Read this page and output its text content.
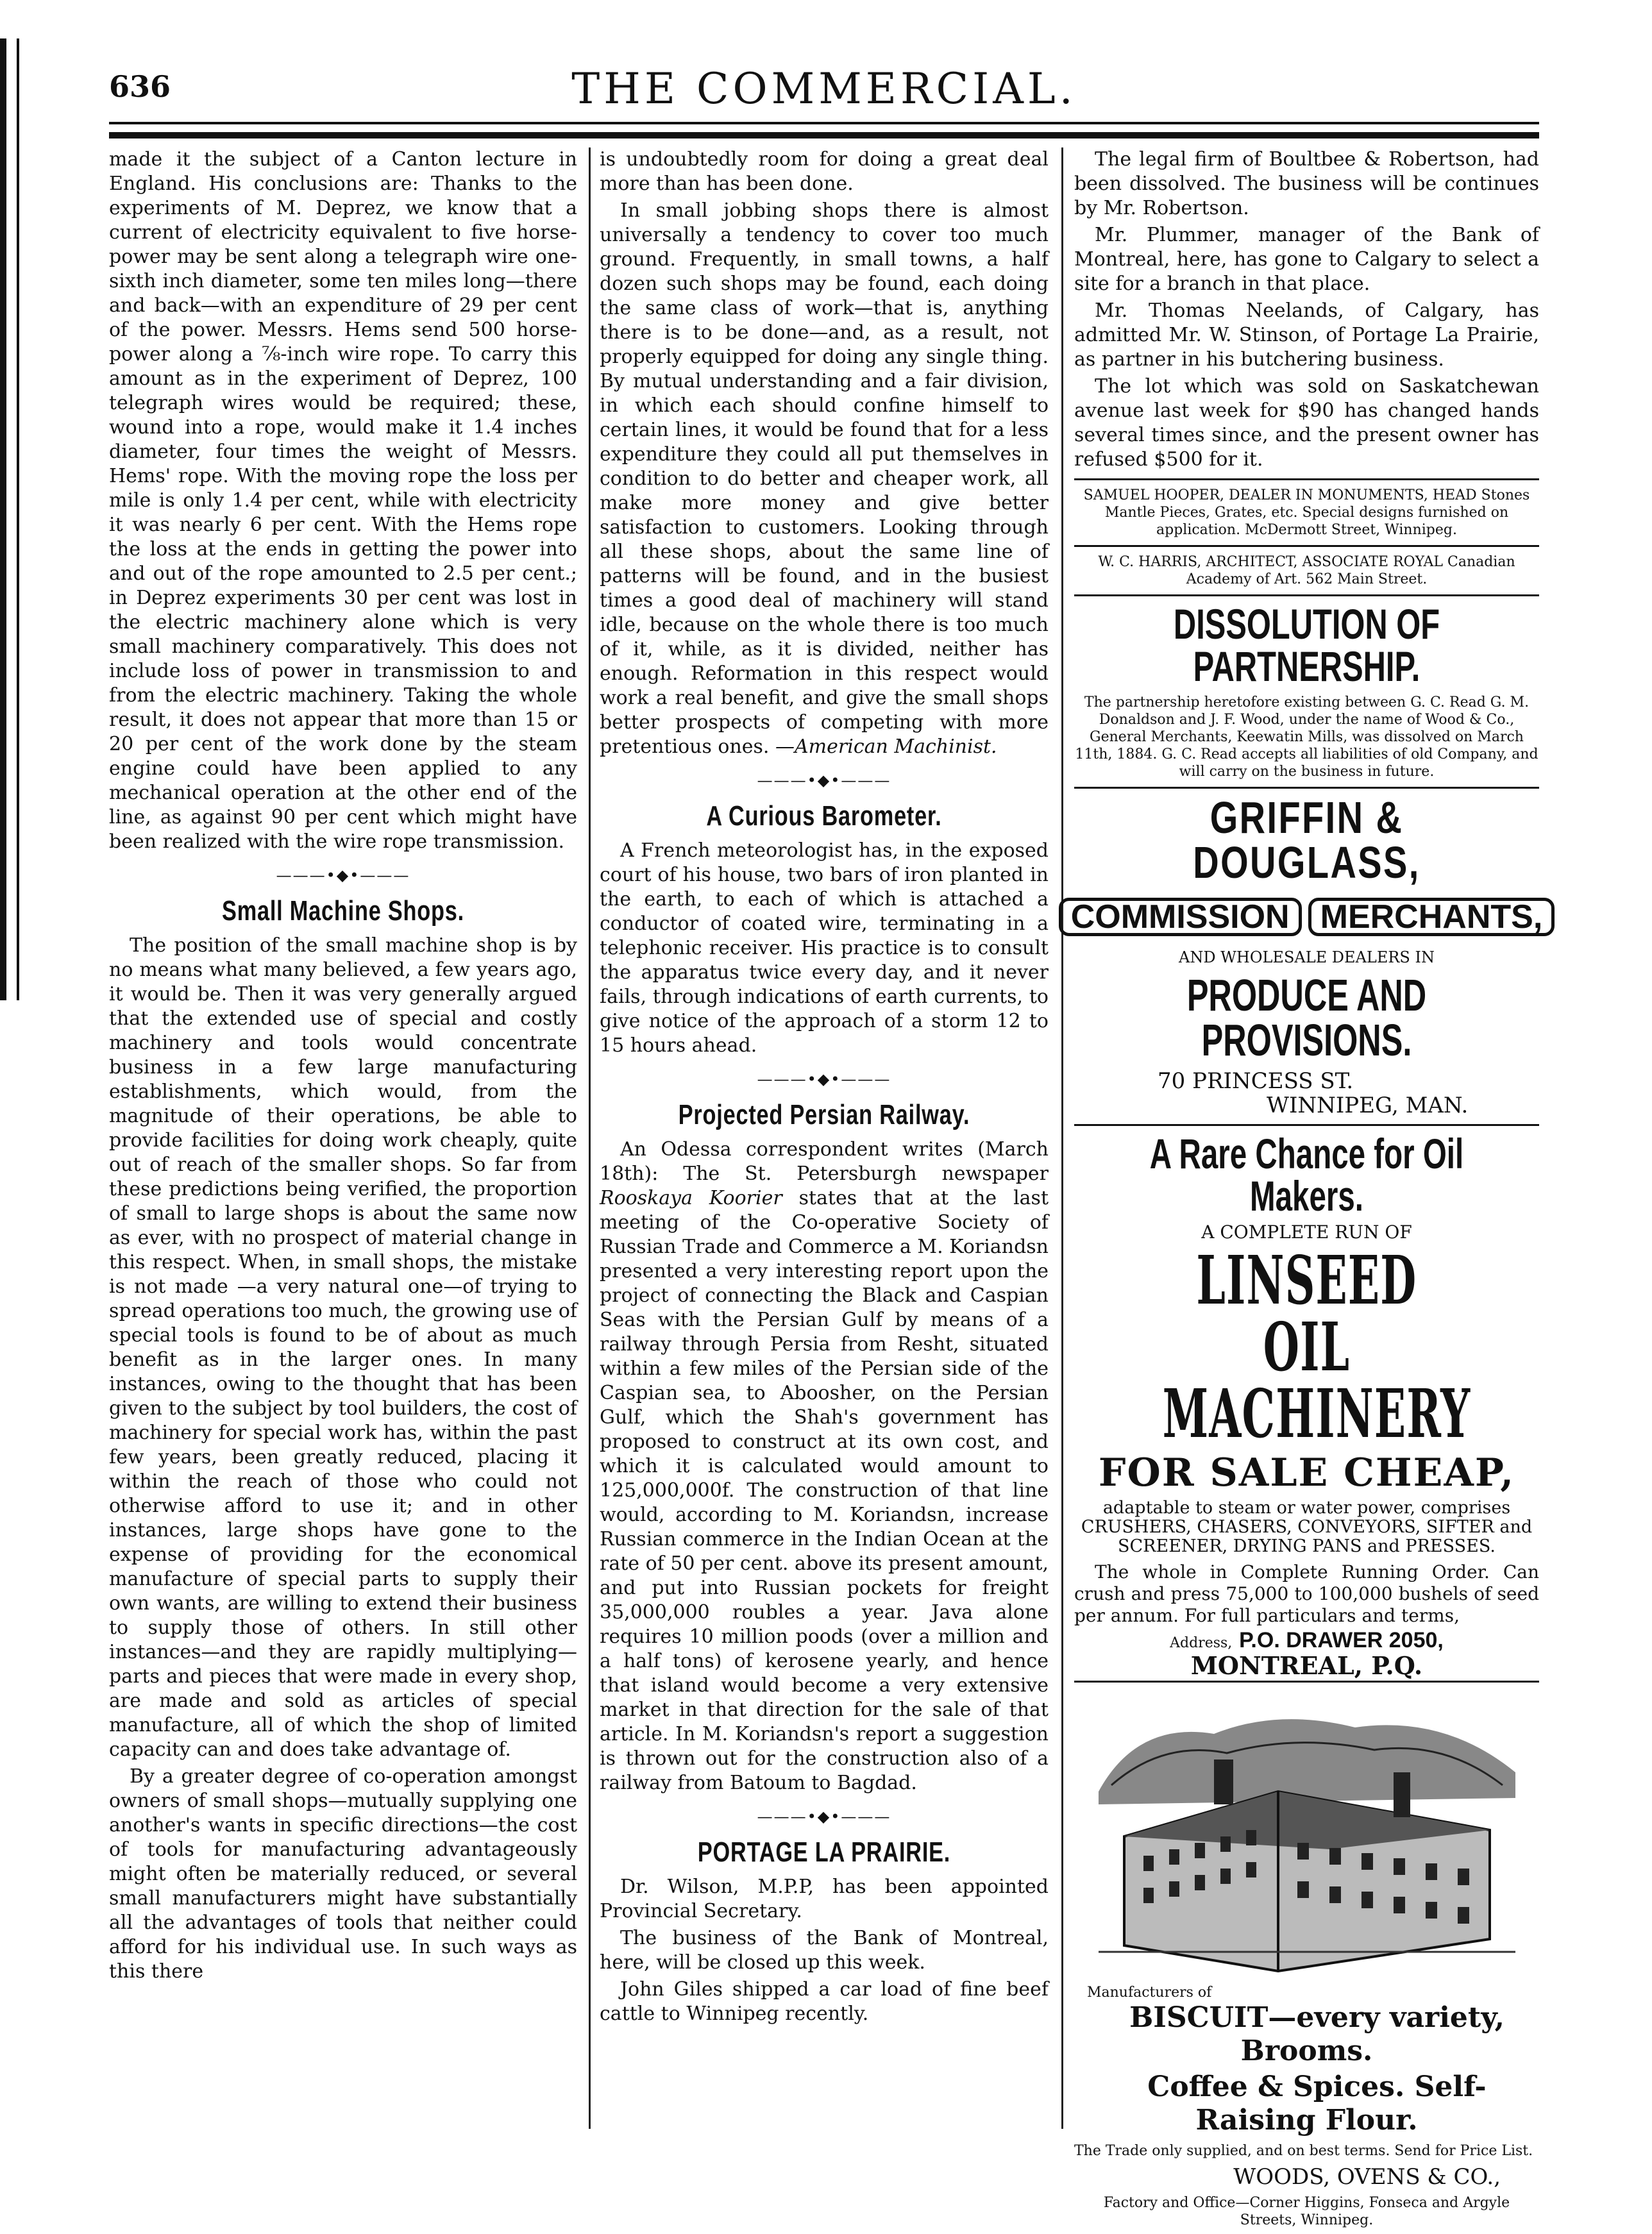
636	THE COMMERCIAL.

made it the subject of a Canton lecture in England. His conclusions are: Thanks to the experiments of M. Deprez, we know that a current of electricity equivalent to five horse-power may be sent along a telegraph wire one-sixth inch diameter, some ten miles long—there and back—with an expenditure of 29 per cent of the power. Messrs. Hems send 500 horse-power along a ⅞-inch wire rope. To carry this amount as in the experiment of Deprez, 100 telegraph wires would be required; these, wound into a rope, would make it 1.4 inches diameter, four times the weight of Messrs. Hems' rope. With the moving rope the loss per mile is only 1.4 per cent, while with electricity it was nearly 6 per cent. With the Hems rope the loss at the ends in getting the power into and out of the rope amounted to 2.5 per cent.; in Deprez experiments 30 per cent was lost in the electric machinery alone which is very small machinery comparatively. This does not include loss of power in transmission to and from the electric machinery. Taking the whole result, it does not appear that more than 15 or 20 per cent of the work done by the steam engine could have been applied to any mechanical operation at the other end of the line, as against 90 per cent which might have been realized with the wire rope transmission.

———•◆•———
Small Machine Shops.

The position of the small machine shop is by no means what many believed, a few years ago, it would be. Then it was very generally argued that the extended use of special and costly machinery and tools would concentrate business in a few large manufacturing establishments, which would, from the magnitude of their operations, be able to provide facilities for doing work cheaply, quite out of reach of the smaller shops. So far from these predictions being verified, the proportion of small to large shops is about the same now as ever, with no prospect of material change in this respect. When, in small shops, the mistake is not made —a very natural one—of trying to spread operations too much, the growing use of special tools is found to be of about as much benefit as in the larger ones. In many instances, owing to the thought that has been given to the subject by tool builders, the cost of machinery for special work has, within the past few years, been greatly reduced, placing it within the reach of those who could not otherwise afford to use it; and in other instances, large shops have gone to the expense of providing for the economical manufacture of special parts to supply their own wants, are willing to extend their business to supply those of others. In still other instances—and they are rapidly multiplying—parts and pieces that were made in every shop, are made and sold as articles of special manufacture, all of which the shop of limited capacity can and does take advantage of.

By a greater degree of co-operation amongst owners of small shops—mutually supplying one another's wants in specific directions—the cost of tools for manufacturing advantageously might often be materially reduced, or several small manufacturers might have substantially all the advantages of tools that neither could afford for his individual use. In such ways as this there

is undoubtedly room for doing a great deal more than has been done.

In small jobbing shops there is almost universally a tendency to cover too much ground. Frequently, in small towns, a half dozen such shops may be found, each doing the same class of work—that is, anything there is to be done—and, as a result, not properly equipped for doing any single thing. By mutual understanding and a fair division, in which each should confine himself to certain lines, it would be found that for a less expenditure they could all put themselves in condition to do better and cheaper work, all make more money and give better satisfaction to customers. Looking through all these shops, about the same line of patterns will be found, and in the busiest times a good deal of machinery will stand idle, because on the whole there is too much of it, while, as it is divided, neither has enough. Reformation in this respect would work a real benefit, and give the small shops better prospects of competing with more pretentious ones. —American Machinist.

———•◆•———
A Curious Barometer.

A French meteorologist has, in the exposed court of his house, two bars of iron planted in the earth, to each of which is attached a conductor of coated wire, terminating in a telephonic receiver. His practice is to consult the apparatus twice every day, and it never fails, through indications of earth currents, to give notice of the approach of a storm 12 to 15 hours ahead.

———•◆•———
Projected Persian Railway.

An Odessa correspondent writes (March 18th): The St. Petersburgh newspaper Rooskaya Koorier states that at the last meeting of the Co-operative Society of Russian Trade and Commerce a M. Koriandsn presented a very interesting report upon the project of connecting the Black and Caspian Seas with the Persian Gulf by means of a railway through Persia from Resht, situated within a few miles of the Persian side of the Caspian sea, to Aboosher, on the Persian Gulf, which the Shah's government has proposed to construct at its own cost, and which it is calculated would amount to 125,000,000f. The construction of that line would, according to M. Koriandsn, increase Russian commerce in the Indian Ocean at the rate of 50 per cent. above its present amount, and put into Russian pockets for freight 35,000,000 roubles a year. Java alone requires 10 million poods (over a million and a half tons) of kerosene yearly, and hence that island would become a very extensive market in that direction for the sale of that article. In M. Koriandsn's report a suggestion is thrown out for the construction also of a railway from Batoum to Bagdad.

———•◆•———
PORTAGE LA PRAIRIE.

Dr. Wilson, M.P.P, has been appointed Provincial Secretary.

The business of the Bank of Montreal, here, will be closed up this week.

John Giles shipped a car load of fine beef cattle to Winnipeg recently.

The legal firm of Boultbee & Robertson, had been dissolved. The business will be continues by Mr. Robertson.

Mr. Plummer, manager of the Bank of Montreal, here, has gone to Calgary to select a site for a branch in that place.

Mr. Thomas Neelands, of Calgary, has admitted Mr. W. Stinson, of Portage La Prairie, as partner in his butchering business.

The lot which was sold on Saskatchewan avenue last week for $90 has changed hands several times since, and the present owner has refused $500 for it.

SAMUEL HOOPER, DEALER IN MONUMENTS, HEAD Stones Mantle Pieces, Grates, etc. Special designs furnished on application. McDermott Street, Winnipeg.
W. C. HARRIS, ARCHITECT, ASSOCIATE ROYAL Canadian Academy of Art. 562 Main Street.
DISSOLUTION OF PARTNERSHIP.
The partnership heretofore existing between G. C. Read G. M. Donaldson and J. F. Wood, under the name of Wood & Co., General Merchants, Keewatin Mills, was dissolved on March 11th, 1884. G. C. Read accepts all liabilities of old Company, and will carry on the business in future.
GRIFFIN & DOUGLASS,
COMMISSION MERCHANTS,
AND WHOLESALE DEALERS IN
PRODUCE AND PROVISIONS.
70 PRINCESS ST.
WINNIPEG, MAN.
A Rare Chance for Oil Makers.
A COMPLETE RUN OF
LINSEED OIL MACHINERY
FOR SALE CHEAP,
adaptable to steam or water power, comprises CRUSHERS, CHASERS, CONVEYORS, SIFTER and SCREENER, DRYING PANS and PRESSES.

The whole in Complete Running Order. Can crush and press 75,000 to 100,000 bushels of seed per annum. For full particulars and terms,

Address, P.O. DRAWER 2050,
MONTREAL, P.Q.
Manufacturers of

BISCUIT—every variety, Brooms.

Coffee & Spices. Self-Raising Flour.

The Trade only supplied, and on best terms. Send for Price List.
WOODS, OVENS & CO.,
Factory and Office—Corner Higgins, Fonseca and Argyle Streets, Winnipeg.
